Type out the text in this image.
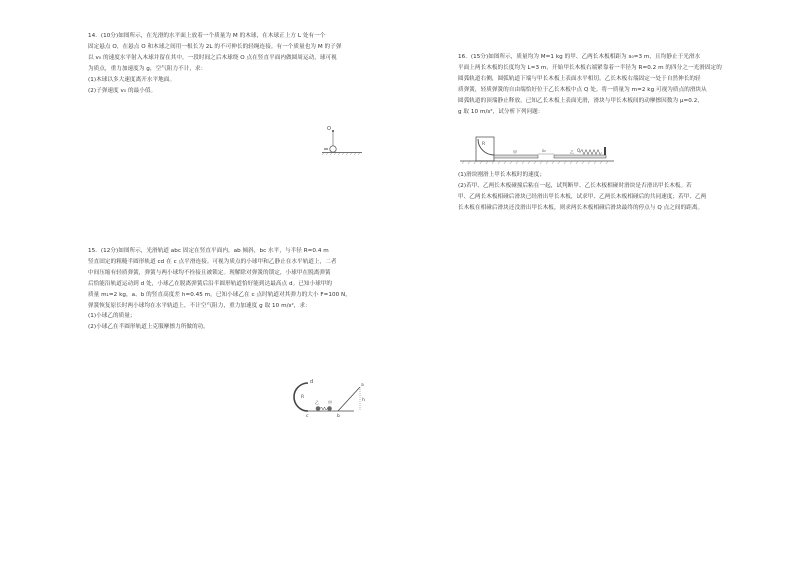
14．(10分)如图所示，在光滑的水平面上放着一个质量为 M 的木球，在木球正上方 L 处有一个

固定悬点 O，在悬点 O 和木球之间用一根长为 2L 的不可伸长的轻绳连接。有一个质量也为 M 的子弹

以 v₀ 的速度水平射入木球并留在其中，一段时间之后木球绕 O 点在竖直平面内做圆周运动，球可视

为质点，重力加速度为 g，空气阻力不计，求：

(1)木球以多大速度离开水平地面。

(2)子弹速度 v₀ 的最小值。

O

15．(12分)如图所示，光滑轨道 abc 固定在竖直平面内，ab 倾斜，bc 水平，与半径 R=0.4 m

竖直固定的粗糙半圆形轨道 cd 在 c 点平滑连接。可视为质点的小球甲和乙静止在水平轨道上，二者

中间压缩有轻质弹簧，弹簧与两小球均不拴接且被锁定。现解除对弹簧的锁定，小球甲在脱离弹簧

后恰能沿轨道运动到 d 处，小球乙在脱离弹簧后沿半圆形轨道恰好能到达最高点 d。已知小球甲的

质量 m₁=2 kg，a、b 的竖直高度差 h=0.45 m，已知小球乙在 c 点时轨道对其弹力的大小 F=100 N，

弹簧恢复原长时两小球均在水平轨道上，不计空气阻力，重力加速度 g 取 10 m/s²，求：

(1)小球乙的质量；

(2)小球乙在半圆形轨道上克服摩擦力所做的功。

d
R
a
h
乙 甲
c	b

16．(15分)如图所示，质量均为 M=1 kg 的甲、乙两长木板相距为 s₀=3 m，且均静止于光滑水

平面上两长木板的长度均为 L=3 m，开始甲长木板右端紧靠着一半径为 R=0.2 m 的四分之一光滑固定的

圆弧轨道右侧，圆弧轨道下端与甲长木板上表面水平相切。乙长木板右端固定一处于自然伸长的轻

质弹簧，轻质弹簧的自由端恰好位于乙长木板中点 Q 处。将一质量为 m=2 kg 可视为质点的滑块从

圆弧轨道的顶端静止释放，已知乙长木板上表面光滑，滑块与甲长木板间的动摩擦因数为 μ=0.2，

g 取 10 m/s²，试分析下列问题：

R
甲	s₀	乙 Q

(1)滑块刚滑上甲长木板时的速度；

(2)若甲、乙两长木板碰撞后粘在一起，试判断甲、乙长木板相碰时滑块是否滑出甲长木板。若

甲、乙两长木板相碰后滑块已经滑出甲长木板，试求甲、乙两长木板相碰后的共同速度；若甲、乙两

长木板在相碰后滑块还没滑出甲长木板，则求两长木板相碰后滑块最终的停点与 Q 点之间的距离。
